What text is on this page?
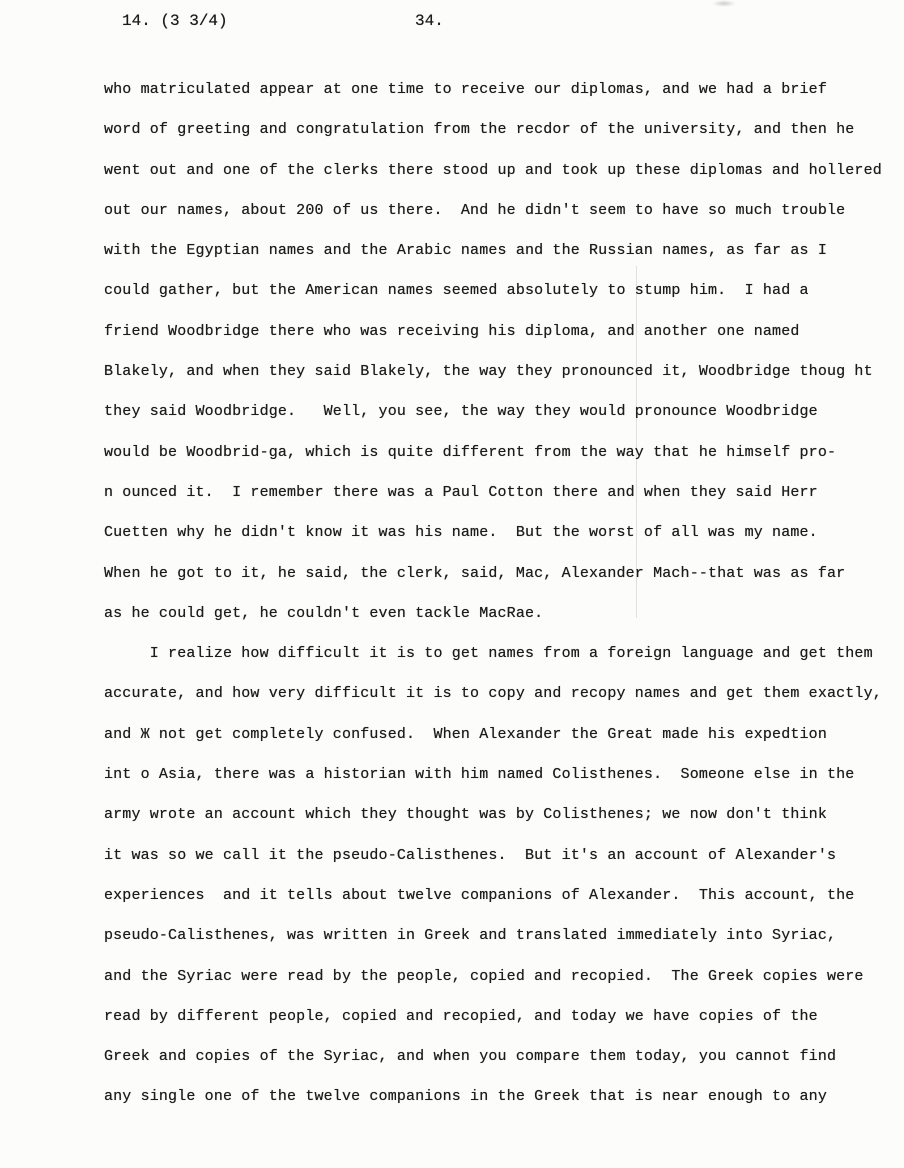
14. (3 3/4)

	34.

who matriculated appear at one time to receive our diplomas, and we had a brief
word of greeting and congratulation from the recdor of the university, and then he
went out and one of the clerks there stood up and took up these diplomas and hollered
out our names, about 200 of us there.  And he didn't seem to have so much trouble
with the Egyptian names and the Arabic names and the Russian names, as far as I
could gather, but the American names seemed absolutely to stump him.  I had a
friend Woodbridge there who was receiving his diploma, and another one named
Blakely, and when they said Blakely, the way they pronounced it, Woodbridge thoug ht
they said Woodbridge.   Well, you see, the way they would pronounce Woodbridge
would be Woodbrid-ga, which is quite different from the way that he himself pro-
n ounced it.  I remember there was a Paul Cotton there and when they said Herr
Cuetten why he didn't know it was his name.  But the worst of all was my name.
When he got to it, he said, the clerk, said, Mac, Alexander Mach--that was as far
as he could get, he couldn't even tackle MacRae.
I realize how difficult it is to get names from a foreign language and get them
accurate, and how very difficult it is to copy and recopy names and get them exactly,
and Ж not get completely confused.  When Alexander the Great made his expedtion
int o Asia, there was a historian with him named Colisthenes.  Someone else in the
army wrote an account which they thought was by Colisthenes; we now don't think
it was so we call it the pseudo-Calisthenes.  But it's an account of Alexander's
experiences  and it tells about twelve companions of Alexander.  This account, the
pseudo-Calisthenes, was written in Greek and translated immediately into Syriac,
and the Syriac were read by the people, copied and recopied.  The Greek copies were
read by different people, copied and recopied, and today we have copies of the
Greek and copies of the Syriac, and when you compare them today, you cannot find
any single one of the twelve companions in the Greek that is near enough to any
